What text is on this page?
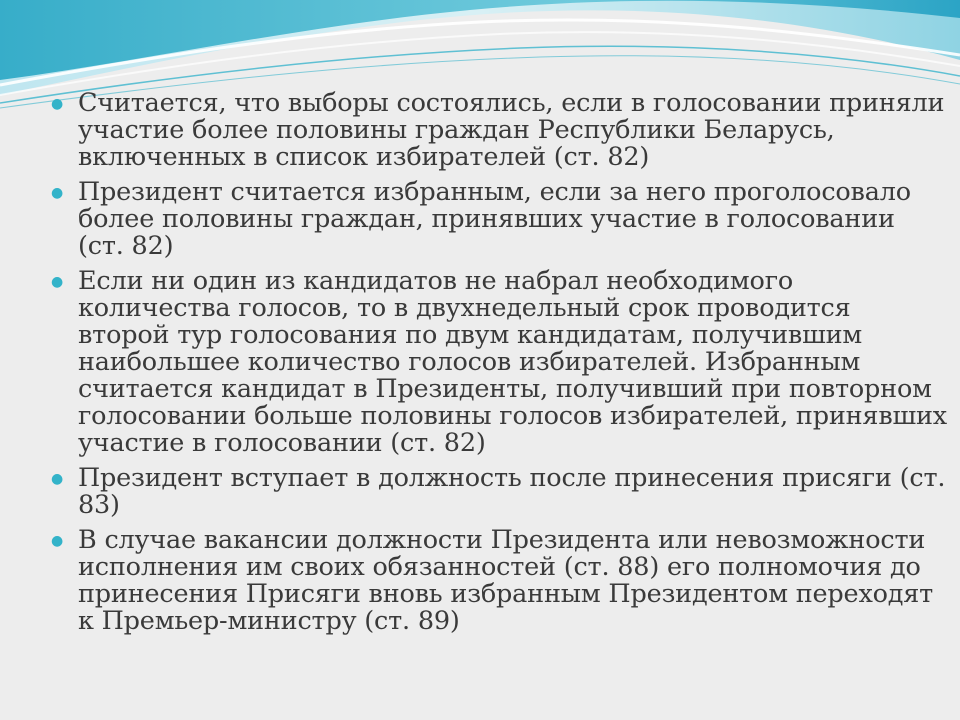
● Считается, что выборы состоялись, если в голосовании приняли участие более половины граждан Республики Беларусь, включенных в список избирателей (ст. 82)
● Президент считается избранным, если за него проголосовало более половины граждан, принявших участие в голосовании (ст. 82)
● Если ни один из кандидатов не набрал необходимого количества голосов, то в двухнедельный срок проводится второй тур голосования по двум кандидатам, получившим наибольшее количество голосов избирателей. Избранным считается кандидат в Президенты, получивший при повторном голосовании больше половины голосов избирателей, принявших участие в голосовании (ст. 82)
● Президент вступает в должность после принесения присяги (ст. 83)
● В случае вакансии должности Президента или невозможности исполнения им своих обязанностей (ст. 88) его полномочия до принесения Присяги вновь избранным Президентом переходят к Премьер-министру (ст. 89)
